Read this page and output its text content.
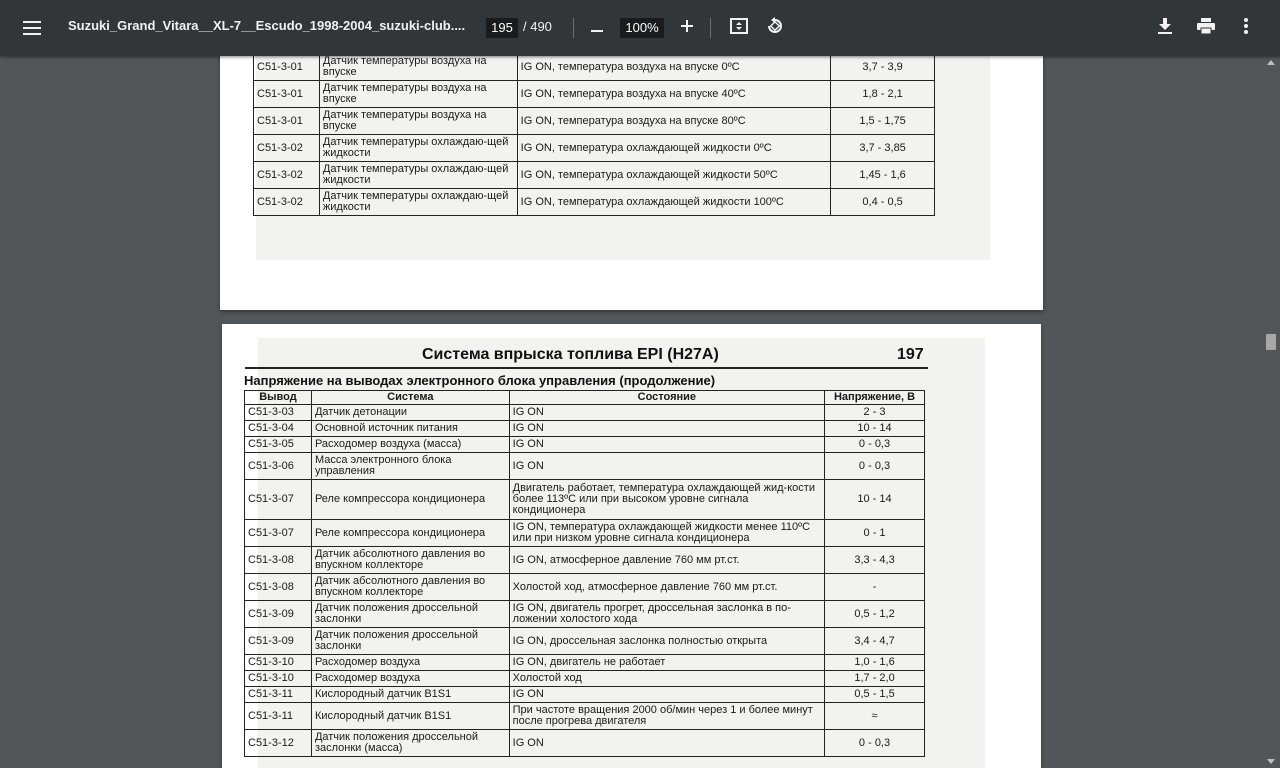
Suzuki_Grand_Vitara__XL-7__Escudo_1998-2004_suzuki-club....	195 / 490	100%
C51-3-01	Датчик температуры воздуха на впуске	IG ON, температура воздуха на впуске 0ºC	3,7 - 3,9
C51-3-01	Датчик температуры воздуха на впуске	IG ON, температура воздуха на впуске 40ºC	1,8 - 2,1
C51-3-01	Датчик температуры воздуха на впуске	IG ON, температура воздуха на впуске 80ºC	1,5 - 1,75
C51-3-02	Датчик температуры охлаждаю-щей жидкости	IG ON, температура охлаждающей жидкости 0ºC	3,7 - 3,85
C51-3-02	Датчик температуры охлаждаю-щей жидкости	IG ON, температура охлаждающей жидкости 50ºC	1,45 - 1,6
C51-3-02	Датчик температуры охлаждаю-щей жидкости	IG ON, температура охлаждающей жидкости 100ºC	0,4 - 0,5
Система впрыска топлива EPI (H27A)	197
Напряжение на выводах электронного блока управления (продолжение)
Вывод	Система	Состояние	Напряжение, В
C51-3-03	Датчик детонации	IG ON	2 - 3
C51-3-04	Основной источник питания	IG ON	10 - 14
C51-3-05	Расходомер воздуха (масса)	IG ON	0 - 0,3
C51-3-06	Масса электронного блока управления	IG ON	0 - 0,3
C51-3-07	Реле компрессора кондиционера	Двигатель работает, температура охлаждающей жид-кости более 113ºC или при высоком уровне сигнала кондиционера	10 - 14
C51-3-07	Реле компрессора кондиционера	IG ON, температура охлаждающей жидкости менее 110ºC или при низком уровне сигнала кондиционера	0 - 1
C51-3-08	Датчик абсолютного давления во впускном коллекторе	IG ON, атмосферное давление 760 мм рт.ст.	3,3 - 4,3
C51-3-08	Датчик абсолютного давления во впускном коллекторе	Холостой ход, атмосферное давление 760 мм рт.ст.	-
C51-3-09	Датчик положения дроссельной заслонки	IG ON, двигатель прогрет, дроссельная заслонка в по-ложении холостого хода	0,5 - 1,2
C51-3-09	Датчик положения дроссельной заслонки	IG ON, дроссельная заслонка полностью открыта	3,4 - 4,7
C51-3-10	Расходомер воздуха	IG ON, двигатель не работает	1,0 - 1,6
C51-3-10	Расходомер воздуха	Холостой ход	1,7 - 2,0
C51-3-11	Кислородный датчик B1S1	IG ON	0,5 - 1,5
C51-3-11	Кислородный датчик B1S1	При частоте вращения 2000 об/мин через 1 и более минут после прогрева двигателя	≈
C51-3-12	Датчик положения дроссельной заслонки (масса)	IG ON	0 - 0,3
